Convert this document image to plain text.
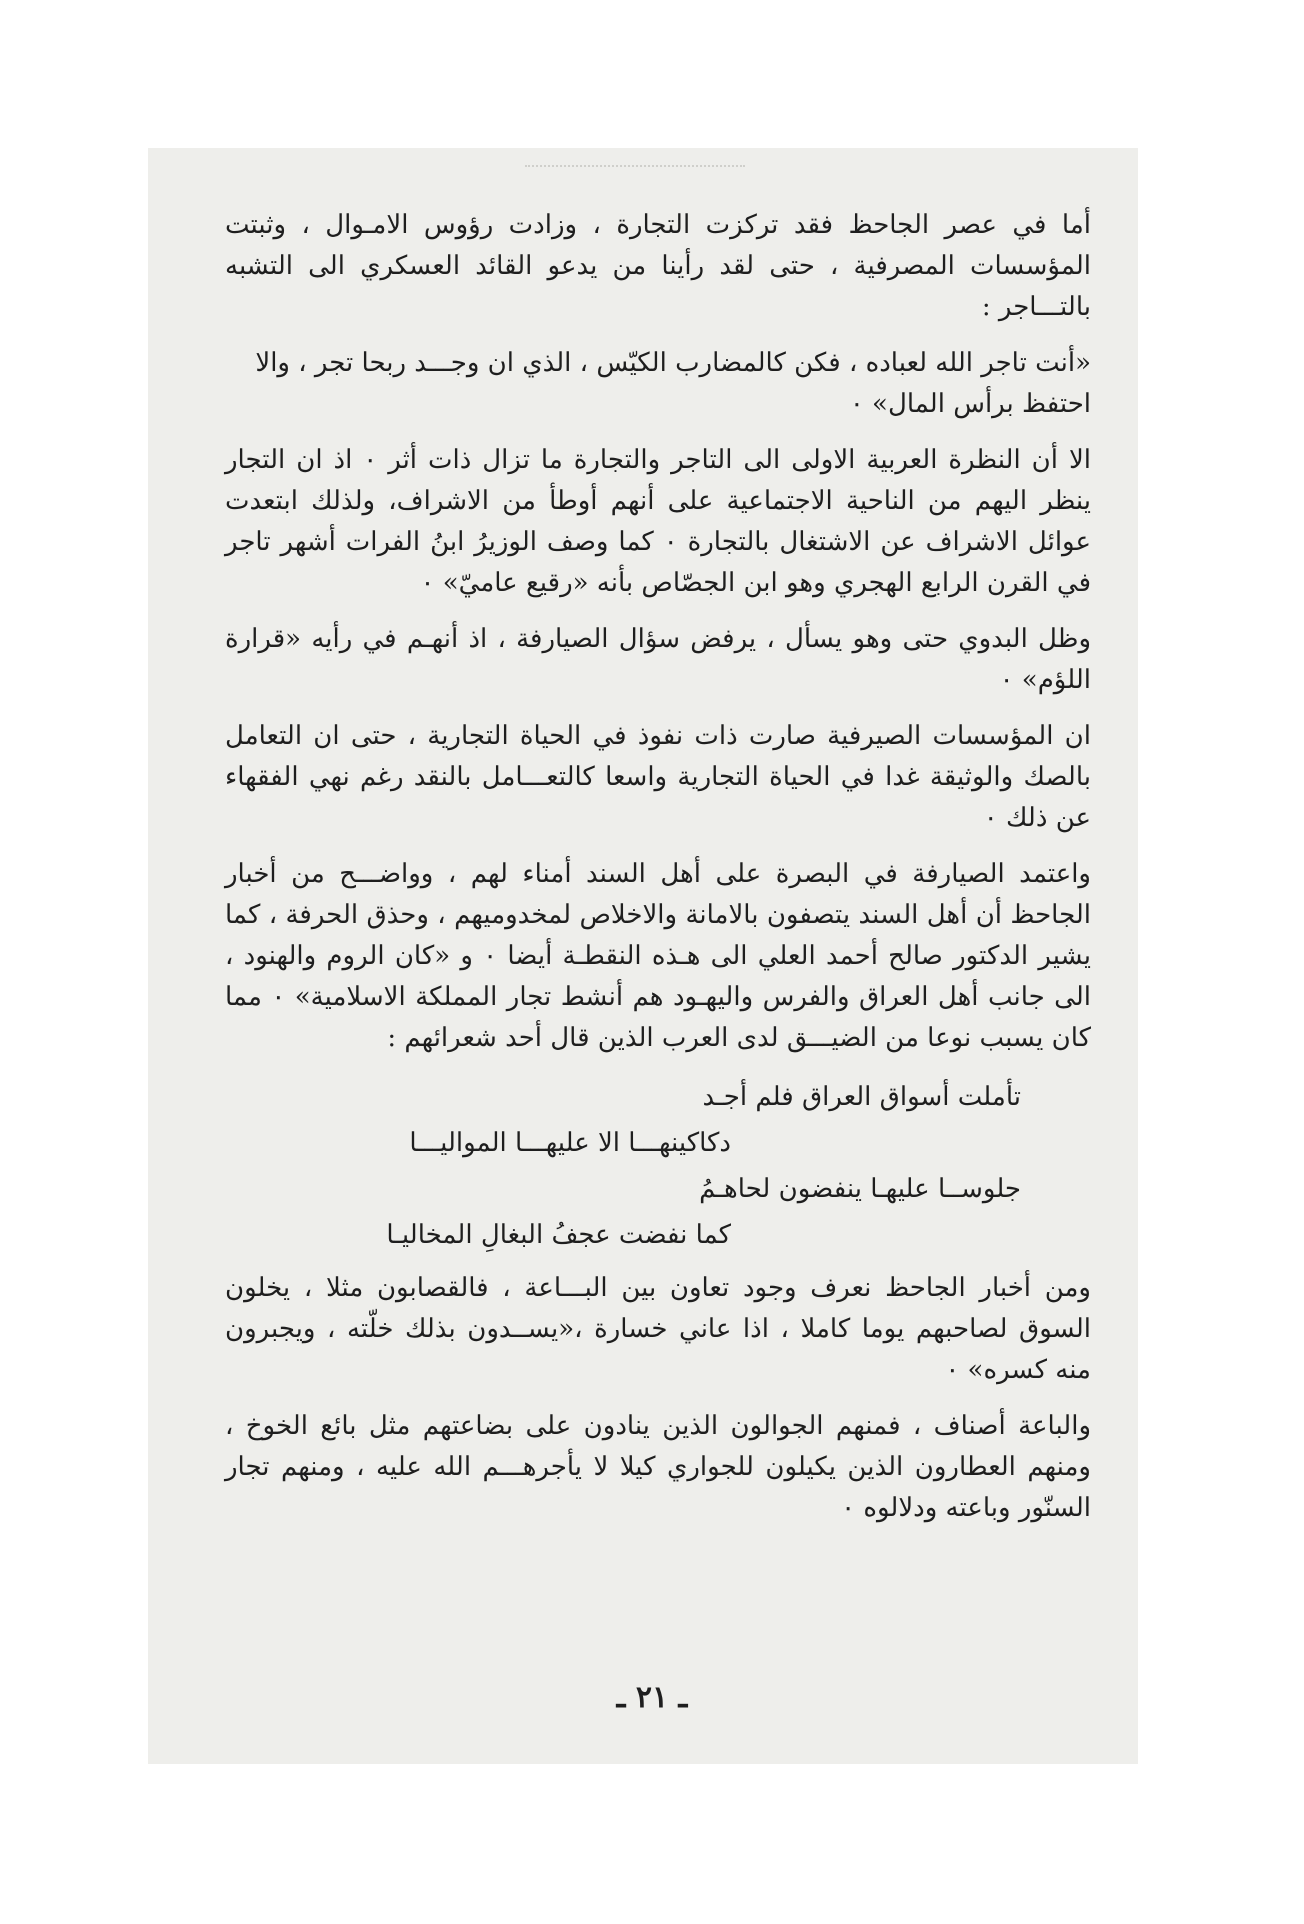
أما في عصر الجاحظ فقد تركزت التجارة ، وزادت رؤوس الامـوال ، وثبتت المؤسسات المصرفية ، حتى لقد رأينا من يدعو القائد العسكري الى التشبه بالتـــاجر :

«أنت تاجر الله لعباده ، فكن كالمضارب الكيّس ، الذي ان وجـــد ربحا تجر ، والا احتفظ برأس المال» ٠

الا أن النظرة العربية الاولى الى التاجر والتجارة ما تزال ذات أثر ٠ اذ ان التجار ينظر اليهم من الناحية الاجتماعية على أنهم أوطأ من الاشراف، ولذلك ابتعدت عوائل الاشراف عن الاشتغال بالتجارة ٠ كما وصف الوزيرُ ابنُ الفرات أشهر تاجر في القرن الرابع الهجري وهو ابن الجصّاص بأنه «رقيع عاميّ» ٠

وظل البدوي حتى وهو يسأل ، يرفض سؤال الصيارفة ، اذ أنهـم في رأيه «قرارة اللؤم» ٠

ان المؤسسات الصيرفية صارت ذات نفوذ في الحياة التجارية ، حتى ان التعامل بالصك والوثيقة غدا في الحياة التجارية واسعا كالتعـــامل بالنقد رغم نهي الفقهاء عن ذلك ٠

واعتمد الصيارفة في البصرة على أهل السند أمناء لهم ، وواضـــح من أخبار الجاحظ أن أهل السند يتصفون بالامانة والاخلاص لمخدوميهم ، وحذق الحرفة ، كما يشير الدكتور صالح أحمد العلي الى هـذه النقطـة أيضا ٠ و «كان الروم والهنود ، الى جانب أهل العراق والفرس واليهـود هم أنشط تجار المملكة الاسلامية» ٠ مما كان يسبب نوعا من الضيـــق لدى العرب الذين قال أحد شعرائهم :

تأملت أسواق العراق فلم أجـد

دكاكينهـــا الا عليهـــا المواليـــا

جلوســا عليهـا ينفضون لحاهـمُ

كما نفضت عجفُ البغالِ المخاليـا

ومن أخبار الجاحظ نعرف وجود تعاون بين البـــاعة ، فالقصابون مثلا ، يخلون السوق لصاحبهم يوما كاملا ، اذا عاني خسارة ،«يســدون بذلك خلّته ، ويجبرون منه كسره» ٠

والباعة أصناف ، فمنهم الجوالون الذين ينادون على بضاعتهم مثل بائع الخوخ ، ومنهم العطارون الذين يكيلون للجواري كيلا لا يأجرهـــم الله عليه ، ومنهم تجار السنّور وباعته ودلالوه ٠

ـ ٢١ ـ
